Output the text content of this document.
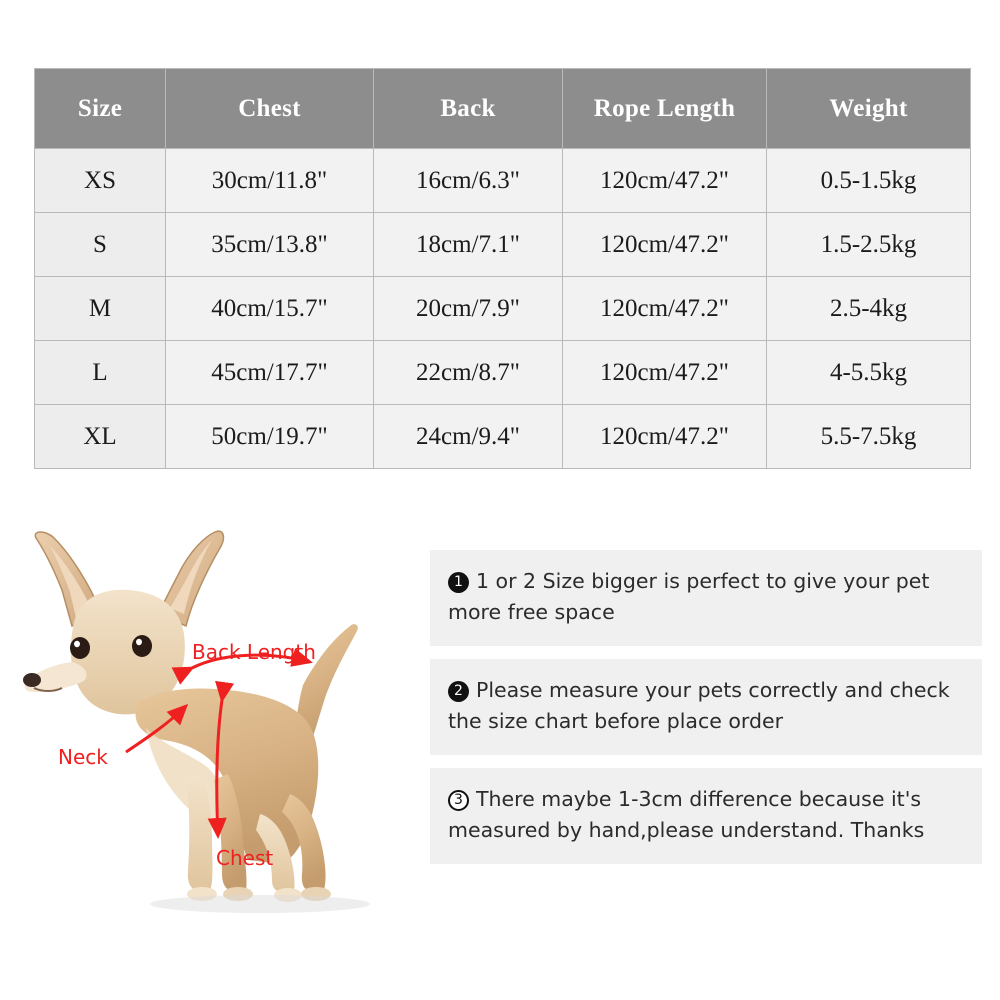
Size	Chest	Back	Rope Length	Weight
XS	30cm/11.8"	16cm/6.3"	120cm/47.2"	0.5-1.5kg
S	35cm/13.8"	18cm/7.1"	120cm/47.2"	1.5-2.5kg
M	40cm/15.7"	20cm/7.9"	120cm/47.2"	2.5-4kg
L	45cm/17.7"	22cm/8.7"	120cm/47.2"	4-5.5kg
XL	50cm/19.7"	24cm/9.4"	120cm/47.2"	5.5-7.5kg
Back Length
Neck
Chest
1 1 or 2 Size bigger is perfect to give your pet more free space
2 Please measure your pets correctly and check the size chart before place order
3 There maybe 1-3cm difference because it's measured by hand,please understand. Thanks
